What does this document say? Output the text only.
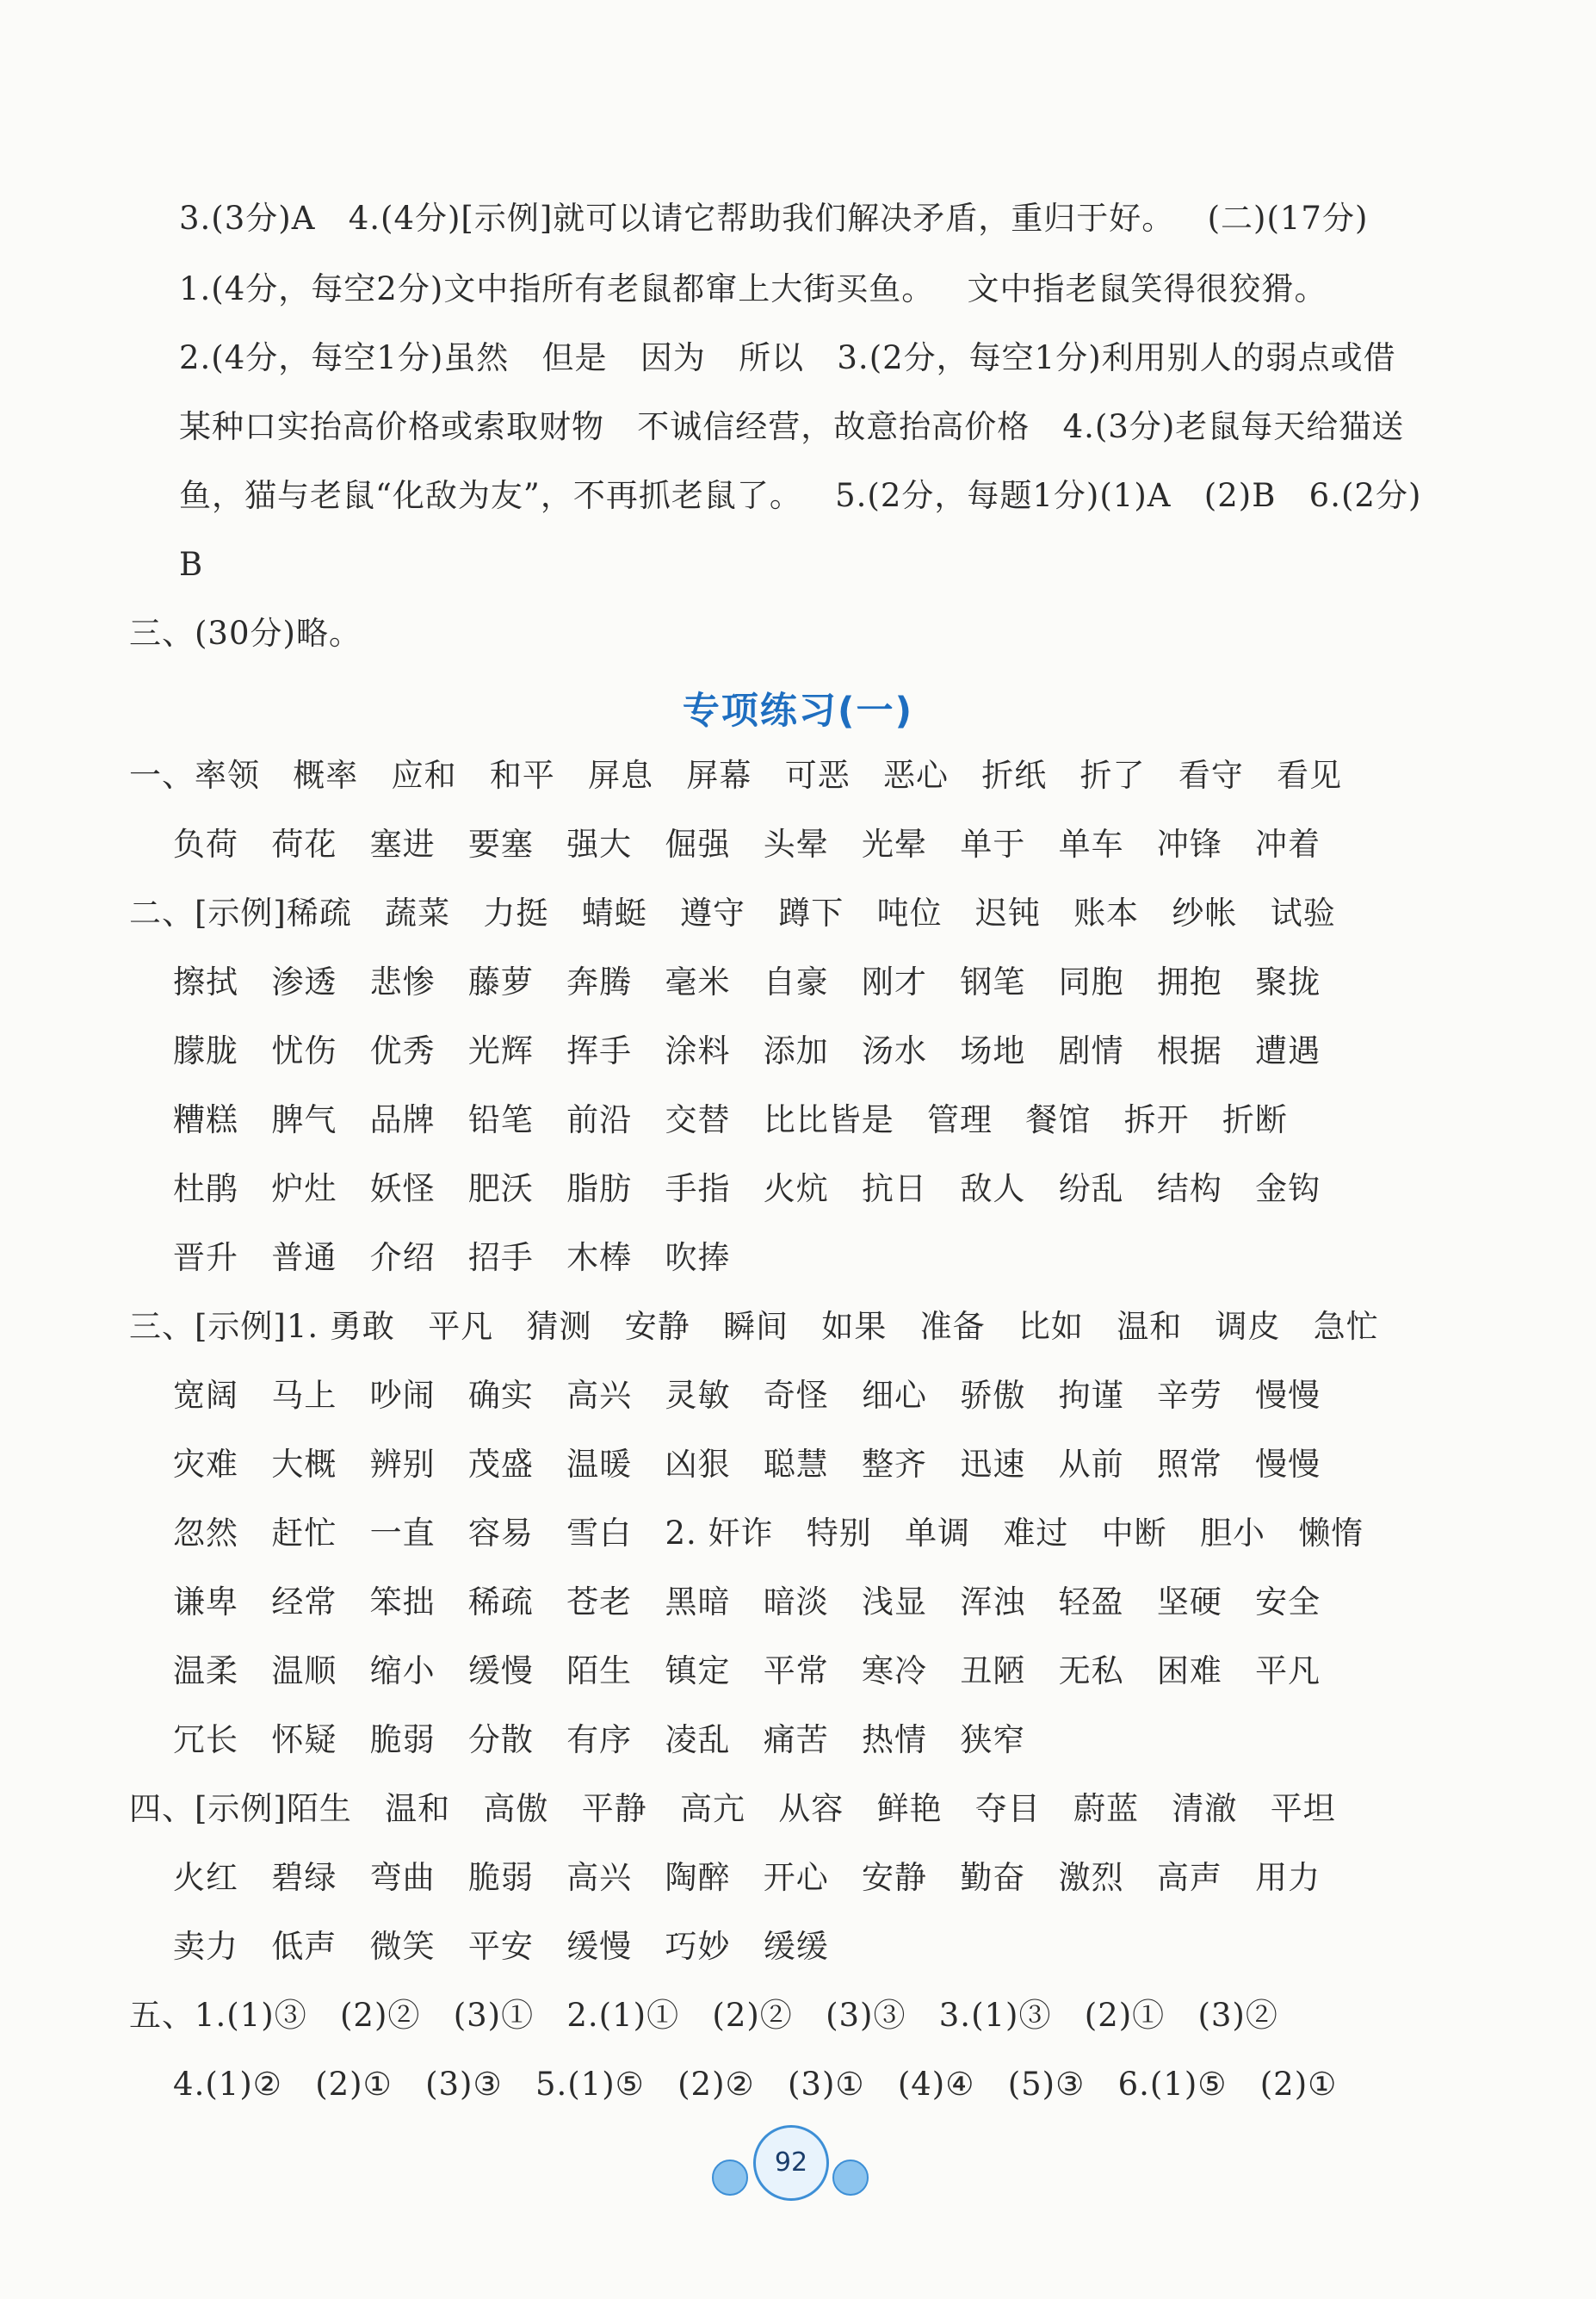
3.(3分)A   4.(4分)[示例]就可以请它帮助我们解决矛盾，重归于好。   (二)(17分)
1.(4分，每空2分)文中指所有老鼠都窜上大街买鱼。   文中指老鼠笑得很狡猾。
2.(4分，每空1分)虽然   但是   因为   所以   3.(2分，每空1分)利用别人的弱点或借
某种口实抬高价格或索取财物   不诚信经营，故意抬高价格   4.(3分)老鼠每天给猫送
鱼，猫与老鼠“化敌为友”，不再抓老鼠了。   5.(2分，每题1分)(1)A   (2)B   6.(2分)
B
三、(30分)略。
专项练习(一)
一、率领   概率   应和   和平   屏息   屏幕   可恶   恶心   折纸   折了   看守   看见
负荷   荷花   塞进   要塞   强大   倔强   头晕   光晕   单于   单车   冲锋   冲着
二、[示例]稀疏   蔬菜   力挺   蜻蜓   遵守   蹲下   吨位   迟钝   账本   纱帐   试验
擦拭   渗透   悲惨   藤萝   奔腾   毫米   自豪   刚才   钢笔   同胞   拥抱   聚拢
朦胧   忧伤   优秀   光辉   挥手   涂料   添加   汤水   场地   剧情   根据   遭遇
糟糕   脾气   品牌   铅笔   前沿   交替   比比皆是   管理   餐馆   拆开   折断
杜鹃   炉灶   妖怪   肥沃   脂肪   手指   火炕   抗日   敌人   纷乱   结构   金钩
晋升   普通   介绍   招手   木棒   吹捧
三、[示例]1. 勇敢   平凡   猜测   安静   瞬间   如果   准备   比如   温和   调皮   急忙
宽阔   马上   吵闹   确实   高兴   灵敏   奇怪   细心   骄傲   拘谨   辛劳   慢慢
灾难   大概   辨别   茂盛   温暖   凶狠   聪慧   整齐   迅速   从前   照常   慢慢
忽然   赶忙   一直   容易   雪白   2. 奸诈   特别   单调   难过   中断   胆小   懒惰
谦卑   经常   笨拙   稀疏   苍老   黑暗   暗淡   浅显   浑浊   轻盈   坚硬   安全
温柔   温顺   缩小   缓慢   陌生   镇定   平常   寒冷   丑陋   无私   困难   平凡
冗长   怀疑   脆弱   分散   有序   凌乱   痛苦   热情   狭窄
四、[示例]陌生   温和   高傲   平静   高亢   从容   鲜艳   夺目   蔚蓝   清澈   平坦
火红   碧绿   弯曲   脆弱   高兴   陶醉   开心   安静   勤奋   激烈   高声   用力
卖力   低声   微笑   平安   缓慢   巧妙   缓缓
五、1.(1)③   (2)②   (3)①   2.(1)①   (2)②   (3)③   3.(1)③   (2)①   (3)②
4.(1)②   (2)①   (3)③   5.(1)⑤   (2)②   (3)①   (4)④   (5)③   6.(1)⑤   (2)①
92
